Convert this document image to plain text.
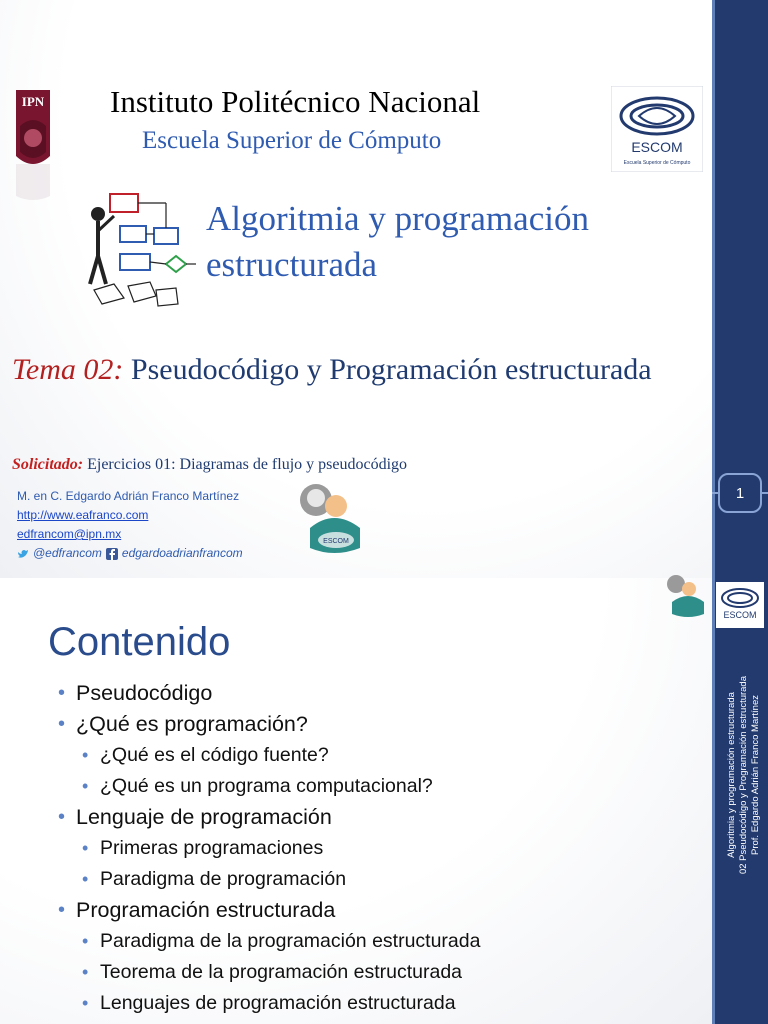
IPN Instituto Politécnico Nacional
Escuela Superior de Cómputo	ESCOM
Escuela Superior de Cómputo
Algoritmia y programación
estructurada
Tema 02: Pseudocódigo y Programación estructurada
Solicitado: Ejercicios 01: Diagramas de flujo y pseudocódigo
M. en C. Edgardo Adrián Franco Martínez
http://www.eafranco.com
edfrancom@ipn.mx
@edfrancom edgardoadrianfrancom
ESCOM
Contenido
• Pseudocódigo
• ¿Qué es programación?
• ¿Qué es el código fuente?
• ¿Qué es un programa computacional?
• Lenguaje de programación
• Primeras programaciones
• Paradigma de programación
• Programación estructurada
• Paradigma de la programación estructurada
• Teorema de la programación estructurada
• Lenguajes de programación estructurada
1
ESCOM
Algoritmia y programación estructurada 02 Pseudocódigo y Programación estructurada Prof. Edgardo Adrián Franco Martínez
